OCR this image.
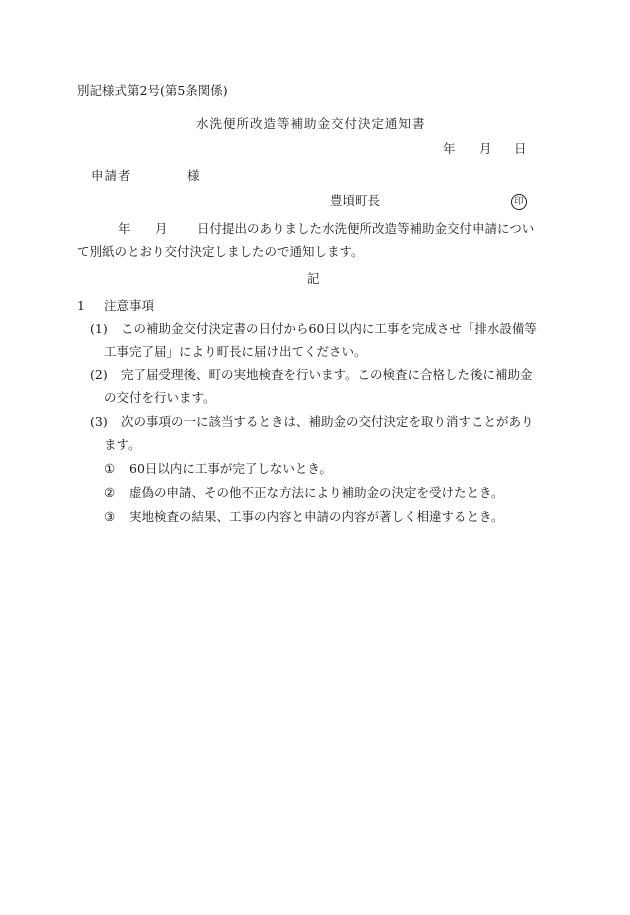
別記様式第2号(第5条関係)
水洗便所改造等補助金交付決定通知書
年 月 日
申請者	様
豊頃町長	印
年 月 日付提出のありました水洗便所改造等補助金交付申請につい
て別紙のとおり交付決定しましたので通知します。
記
1 注意事項
(1) この補助金交付決定書の日付から60日以内に工事を完成させ「排水設備等
工事完了届」により町長に届け出てください。
(2) 完了届受理後、町の実地検査を行います。この検査に合格した後に補助金
の交付を行います。
(3) 次の事項の一に該当するときは、補助金の交付決定を取り消すことがあり
ます。
① 60日以内に工事が完了しないとき。
② 虚偽の申請、その他不正な方法により補助金の決定を受けたとき。
③ 実地検査の結果、工事の内容と申請の内容が著しく相違するとき。
